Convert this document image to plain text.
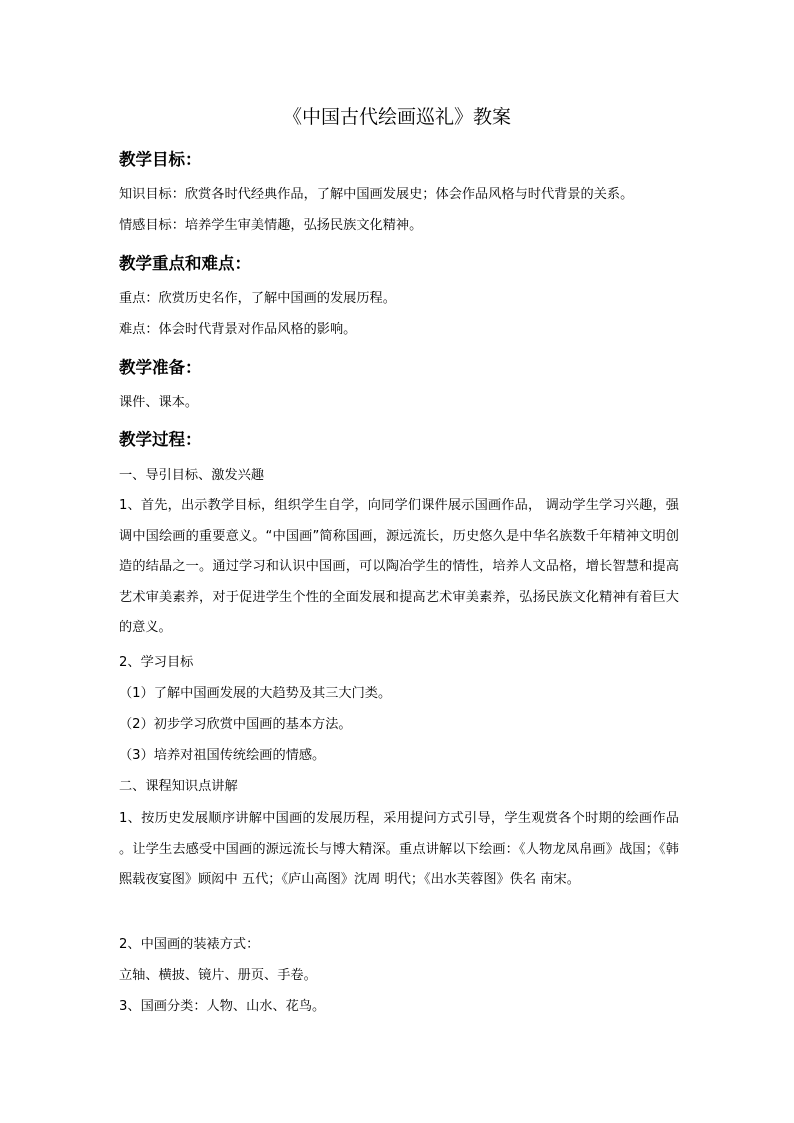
《中国古代绘画巡礼》教案
教学目标：

知识目标：欣赏各时代经典作品，了解中国画发展史；体会作品风格与时代背景的关系。

情感目标：培养学生审美情趣，弘扬民族文化精神。

教学重点和难点：

重点：欣赏历史名作，了解中国画的发展历程。

难点：体会时代背景对作品风格的影响。

教学准备：

课件、课本。

教学过程：

一、导引目标、激发兴趣

1、首先，出示教学目标，组织学生自学，向同学们课件展示国画作品， 调动学生学习兴趣，强调中国绘画的重要意义。“中国画”简称国画，源远流长，历史悠久是中华名族数千年精神文明创造的结晶之一。通过学习和认识中国画，可以陶冶学生的情性，培养人文品格，增长智慧和提高艺术审美素养，对于促进学生个性的全面发展和提高艺术审美素养，弘扬民族文化精神有着巨大的意义。

2、学习目标

（1）了解中国画发展的大趋势及其三大门类。

（2）初步学习欣赏中国画的基本方法。

（3）培养对祖国传统绘画的情感。

二、课程知识点讲解

1、按历史发展顺序讲解中国画的发展历程，采用提问方式引导，学生观赏各个时期的绘画作品 。让学生去感受中国画的源远流长与博大精深。重点讲解以下绘画：《人物龙凤帛画》战国；《韩熙载夜宴图》顾闳中 五代；《庐山高图》沈周 明代；《出水芙蓉图》佚名 南宋。

2、中国画的装裱方式：

立轴、横披、镜片、册页、手卷。

3、国画分类：人物、山水、花鸟。
